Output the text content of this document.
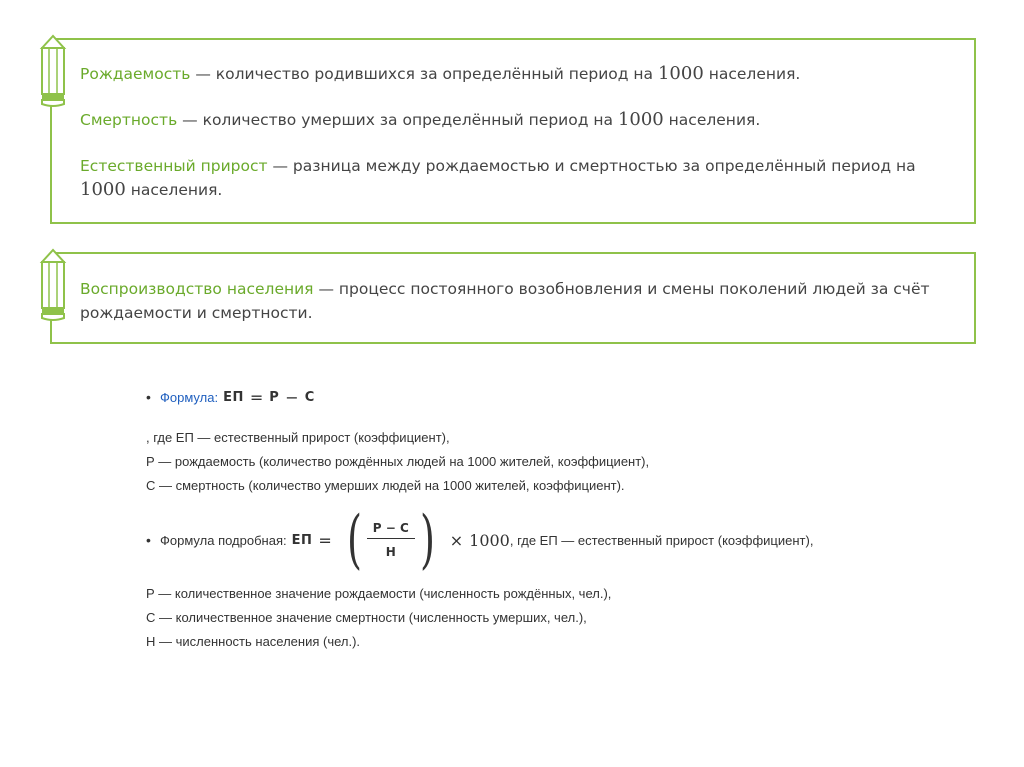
Рождаемость — количество родившихся за определённый период на 1000 населения.

Смертность — количество умерших за определённый период на 1000 населения.

Естественный прирост — разница между рождаемостью и смертностью за определённый период на 1000 населения.

Воспроизводство населения — процесс постоянного возобновления и смены поколений людей за счёт рождаемости и смертности.

• Формула: ЕП = Р − С

, где ЕП — естественный прирост (коэффициент),

Р — рождаемость (количество рождённых людей на 1000 жителей, коэффициент),

С — смертность (количество умерших людей на 1000 жителей, коэффициент).

• Формула подробная: ЕП = ( $\frac{Р - С}{Н}$ ) × 1000 , где ЕП — естественный прирост (коэффициент),

Р — количественное значение рождаемости (численность рождённых, чел.),

С — количественное значение смертности (численность умерших, чел.),

Н — численность населения (чел.).
